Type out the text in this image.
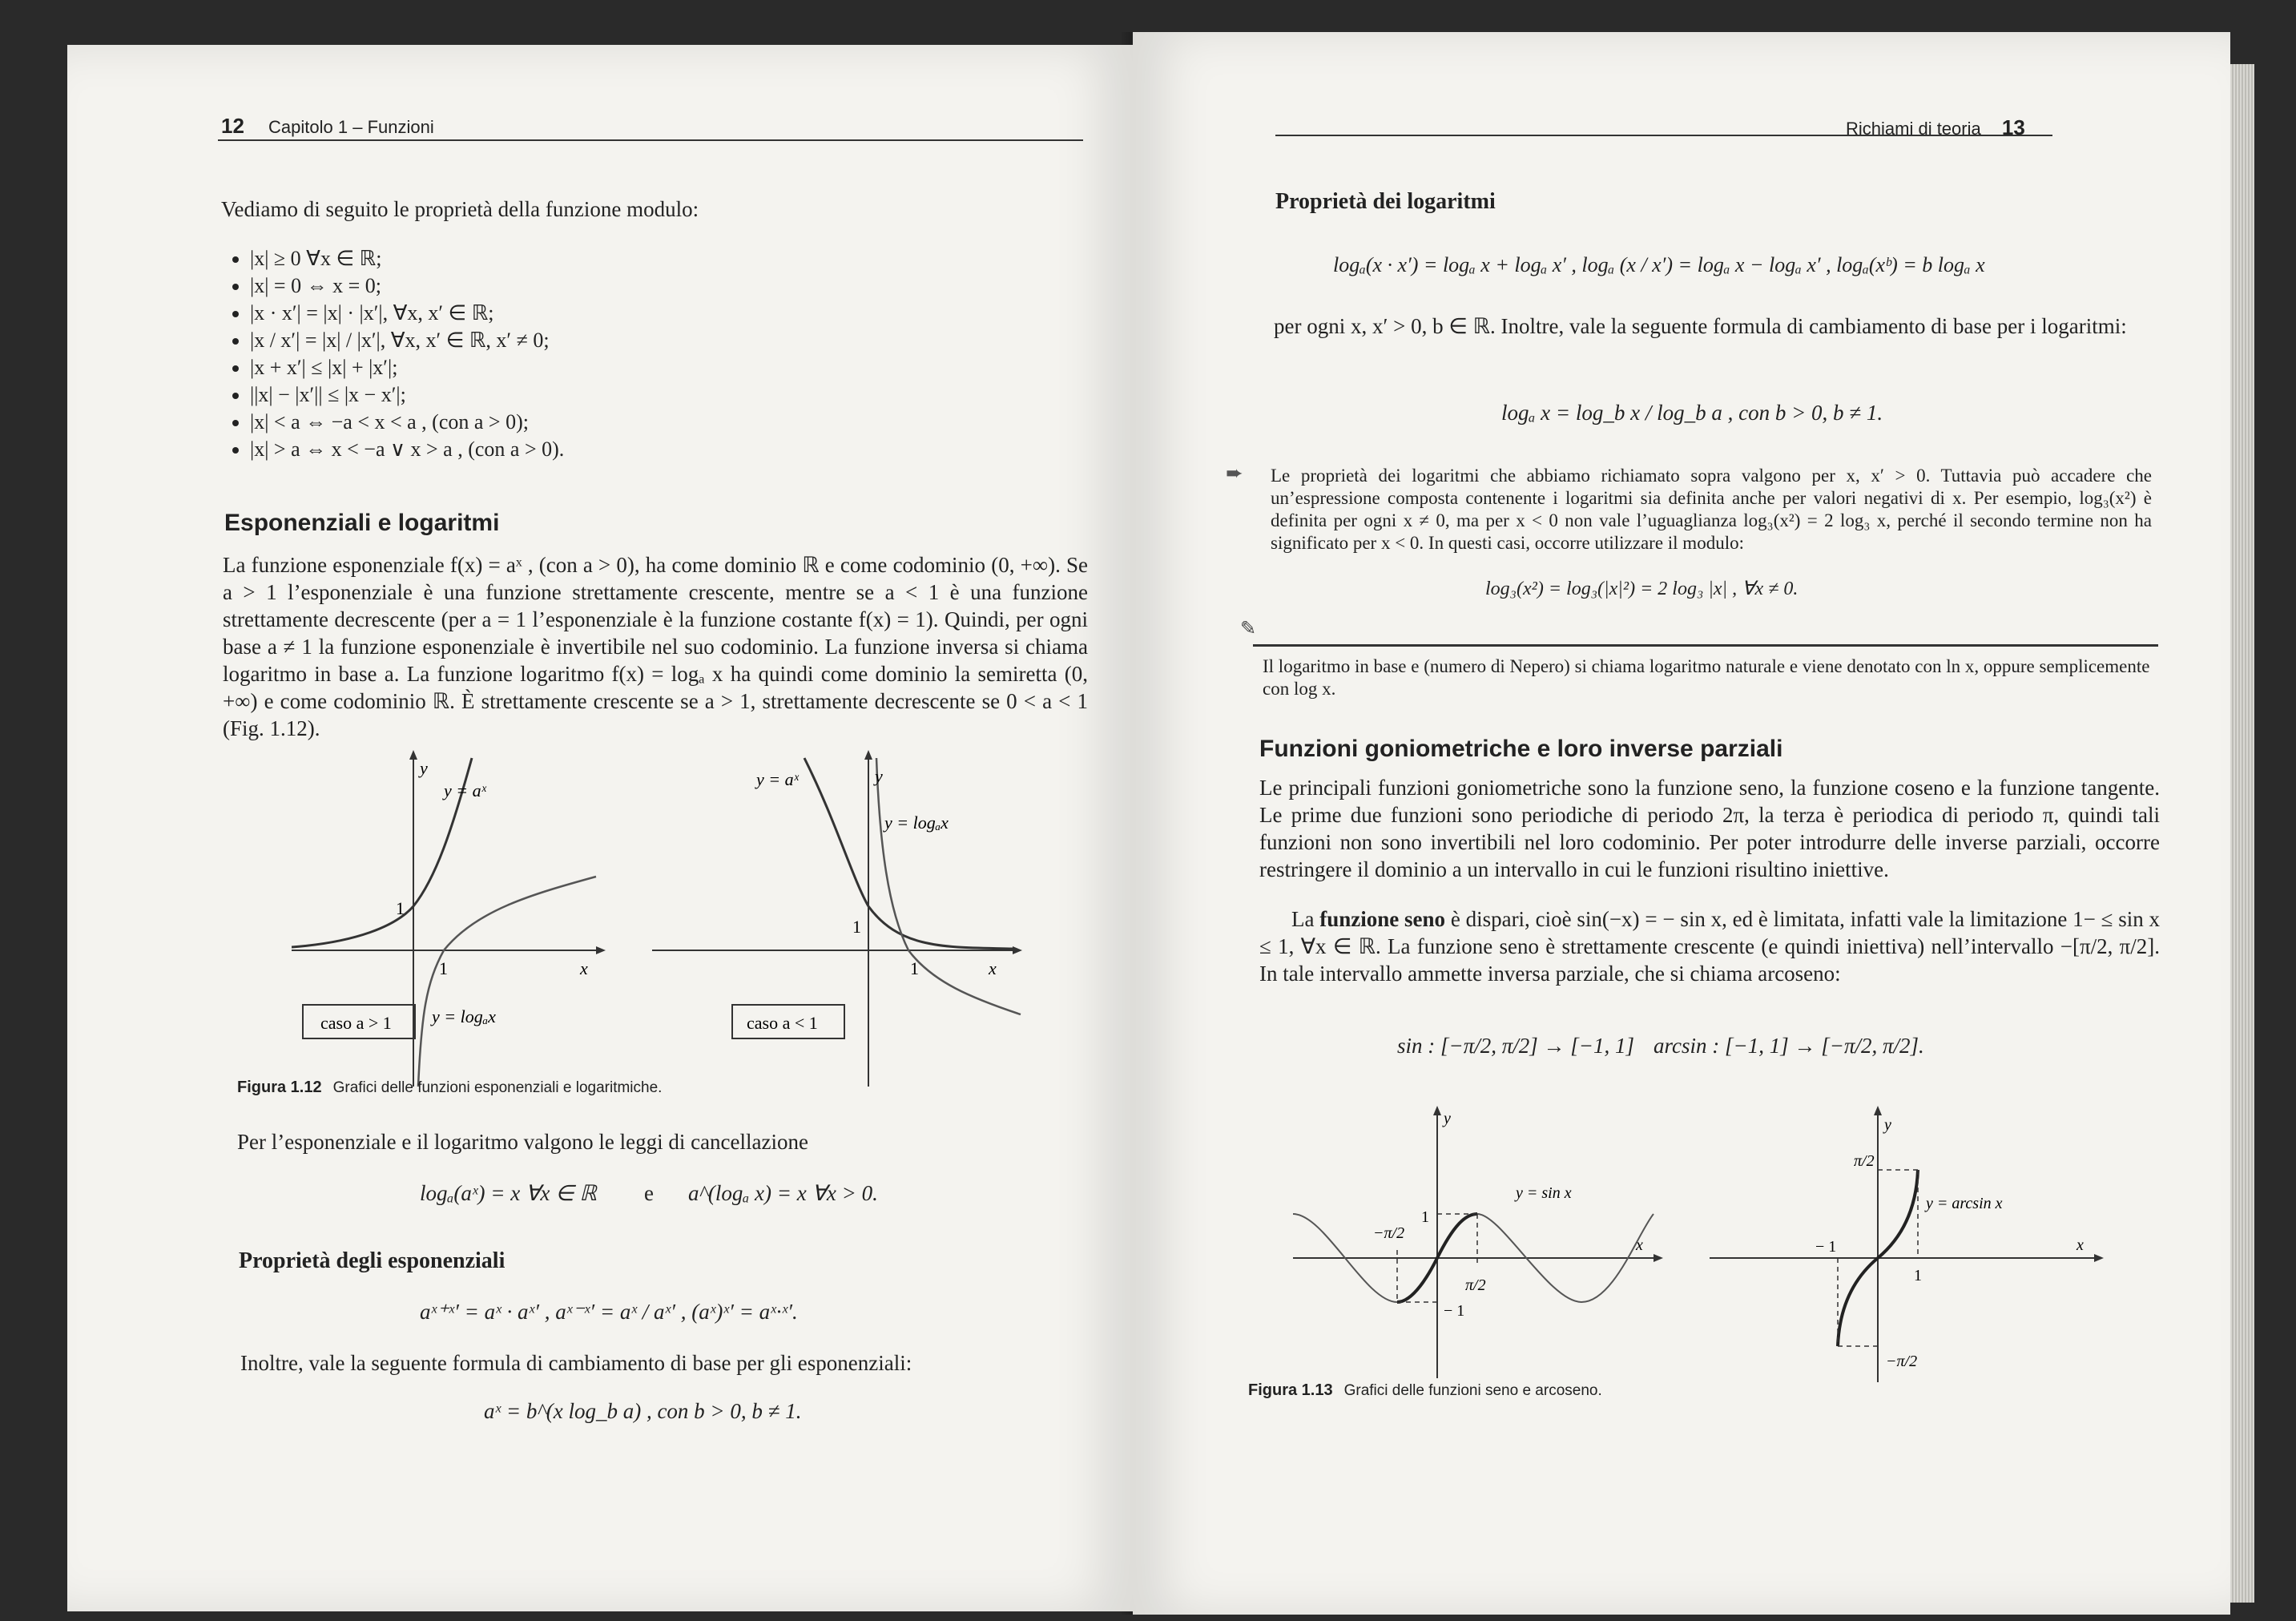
12 Capitolo 1 – Funzioni

Vediamo di seguito le proprietà della funzione modulo:

• |x| ≥ 0 ∀x ∈ ℝ;
• |x| = 0 ⇔ x = 0;
• |x · x′| = |x| · |x′|, ∀x, x′ ∈ ℝ;
• |x / x′| = |x| / |x′|, ∀x, x′ ∈ ℝ, x′ ≠ 0;
• |x + x′| ≤ |x| + |x′|;
• ||x| − |x′|| ≤ |x − x′|;
• |x| < a ⇔ −a < x < a , (con a > 0);
• |x| > a ⇔ x < −a ∨ x > a , (con a > 0).
Esponenziali e logaritmi

La funzione esponenziale f(x) = aˣ , (con a > 0), ha come dominio ℝ e come codominio (0, +∞). Se a > 1 l’esponenziale è una funzione strettamente crescente, mentre se a < 1 è una funzione strettamente decrescente (per a = 1 l’esponenziale è la funzione costante f(x) = 1). Quindi, per ogni base a ≠ 1 la funzione esponenziale è invertibile nel suo codominio. La funzione inversa si chiama logaritmo in base a. La funzione logaritmo f(x) = logₐ x ha quindi come dominio la semiretta (0, +∞) e come codominio ℝ. È strettamente crescente se a > 1, strettamente decrescente se 0 < a < 1 (Fig. 1.12).

y
x
y = aˣ
y = logₐx
1
1
caso a > 1
y
x
y = aˣ
y = logₐx
1
1
caso a < 1
Figura 1.12 Grafici delle funzioni esponenziali e logaritmiche.

Per l’esponenziale e il logaritmo valgono le leggi di cancellazione

logₐ(aˣ) = x ∀x ∈ ℝ e a^(logₐ x) = x ∀x > 0.
Proprietà degli esponenziali
aˣ⁺ˣ′ = aˣ · aˣ′ , aˣ⁻ˣ′ = aˣ / aˣ′ , (aˣ)ˣ′ = aˣ·ˣ′.

Inoltre, vale la seguente formula di cambiamento di base per gli esponenziali:

aˣ = b^(x log_b a) , con b > 0, b ≠ 1.
Richiami di teoria 13
Proprietà dei logaritmi
logₐ(x · x′) = logₐ x + logₐ x′ , logₐ (x / x′) = logₐ x − logₐ x′ , logₐ(xᵇ) = b logₐ x

per ogni x, x′ > 0, b ∈ ℝ. Inoltre, vale la seguente formula di cambiamento di base per i logaritmi:

logₐ x = log_b x / log_b a , con b > 0, b ≠ 1.
➨ Le proprietà dei logaritmi che abbiamo richiamato sopra valgono per x, x′ > 0. Tuttavia può accadere che un’espressione composta contenente i logaritmi sia definita anche per valori negativi di x. Per esempio, log₃(x²) è definita per ogni x ≠ 0, ma per x < 0 non vale l’uguaglianza log₃(x²) = 2 log₃ x, perché il secondo termine non ha significato per x < 0. In questi casi, occorre utilizzare il modulo:

log₃(x²) = log₃(|x|²) = 2 log₃ |x| , ∀x ≠ 0.
✎

Il logaritmo in base e (numero di Nepero) si chiama logaritmo naturale e viene denotato con ln x, oppure semplicemente con log x.

Funzioni goniometriche e loro inverse parziali

Le principali funzioni goniometriche sono la funzione seno, la funzione coseno e la funzione tangente. Le prime due funzioni sono periodiche di periodo 2π, la terza è periodica di periodo π, quindi tali funzioni non sono invertibili nel loro codominio. Per poter introdurre delle inverse parziali, occorre restringere il dominio a un intervallo in cui le funzioni risultino iniettive.

La funzione seno è dispari, cioè sin(−x) = − sin x, ed è limitata, infatti vale la limitazione 1− ≤ sin x ≤ 1, ∀x ∈ ℝ. La funzione seno è strettamente crescente (e quindi iniettiva) nell’intervallo −[π/2, π/2]. In tale intervallo ammette inversa parziale, che si chiama arcoseno:

sin : [−π/2, π/2] → [−1, 1] arcsin : [−1, 1] → [−π/2, π/2].
y
x
y = sin x
1
− 1
−π/2
π/2
y
x
y = arcsin x
1
− 1
π/2
−π/2
Figura 1.13 Grafici delle funzioni seno e arcoseno.
